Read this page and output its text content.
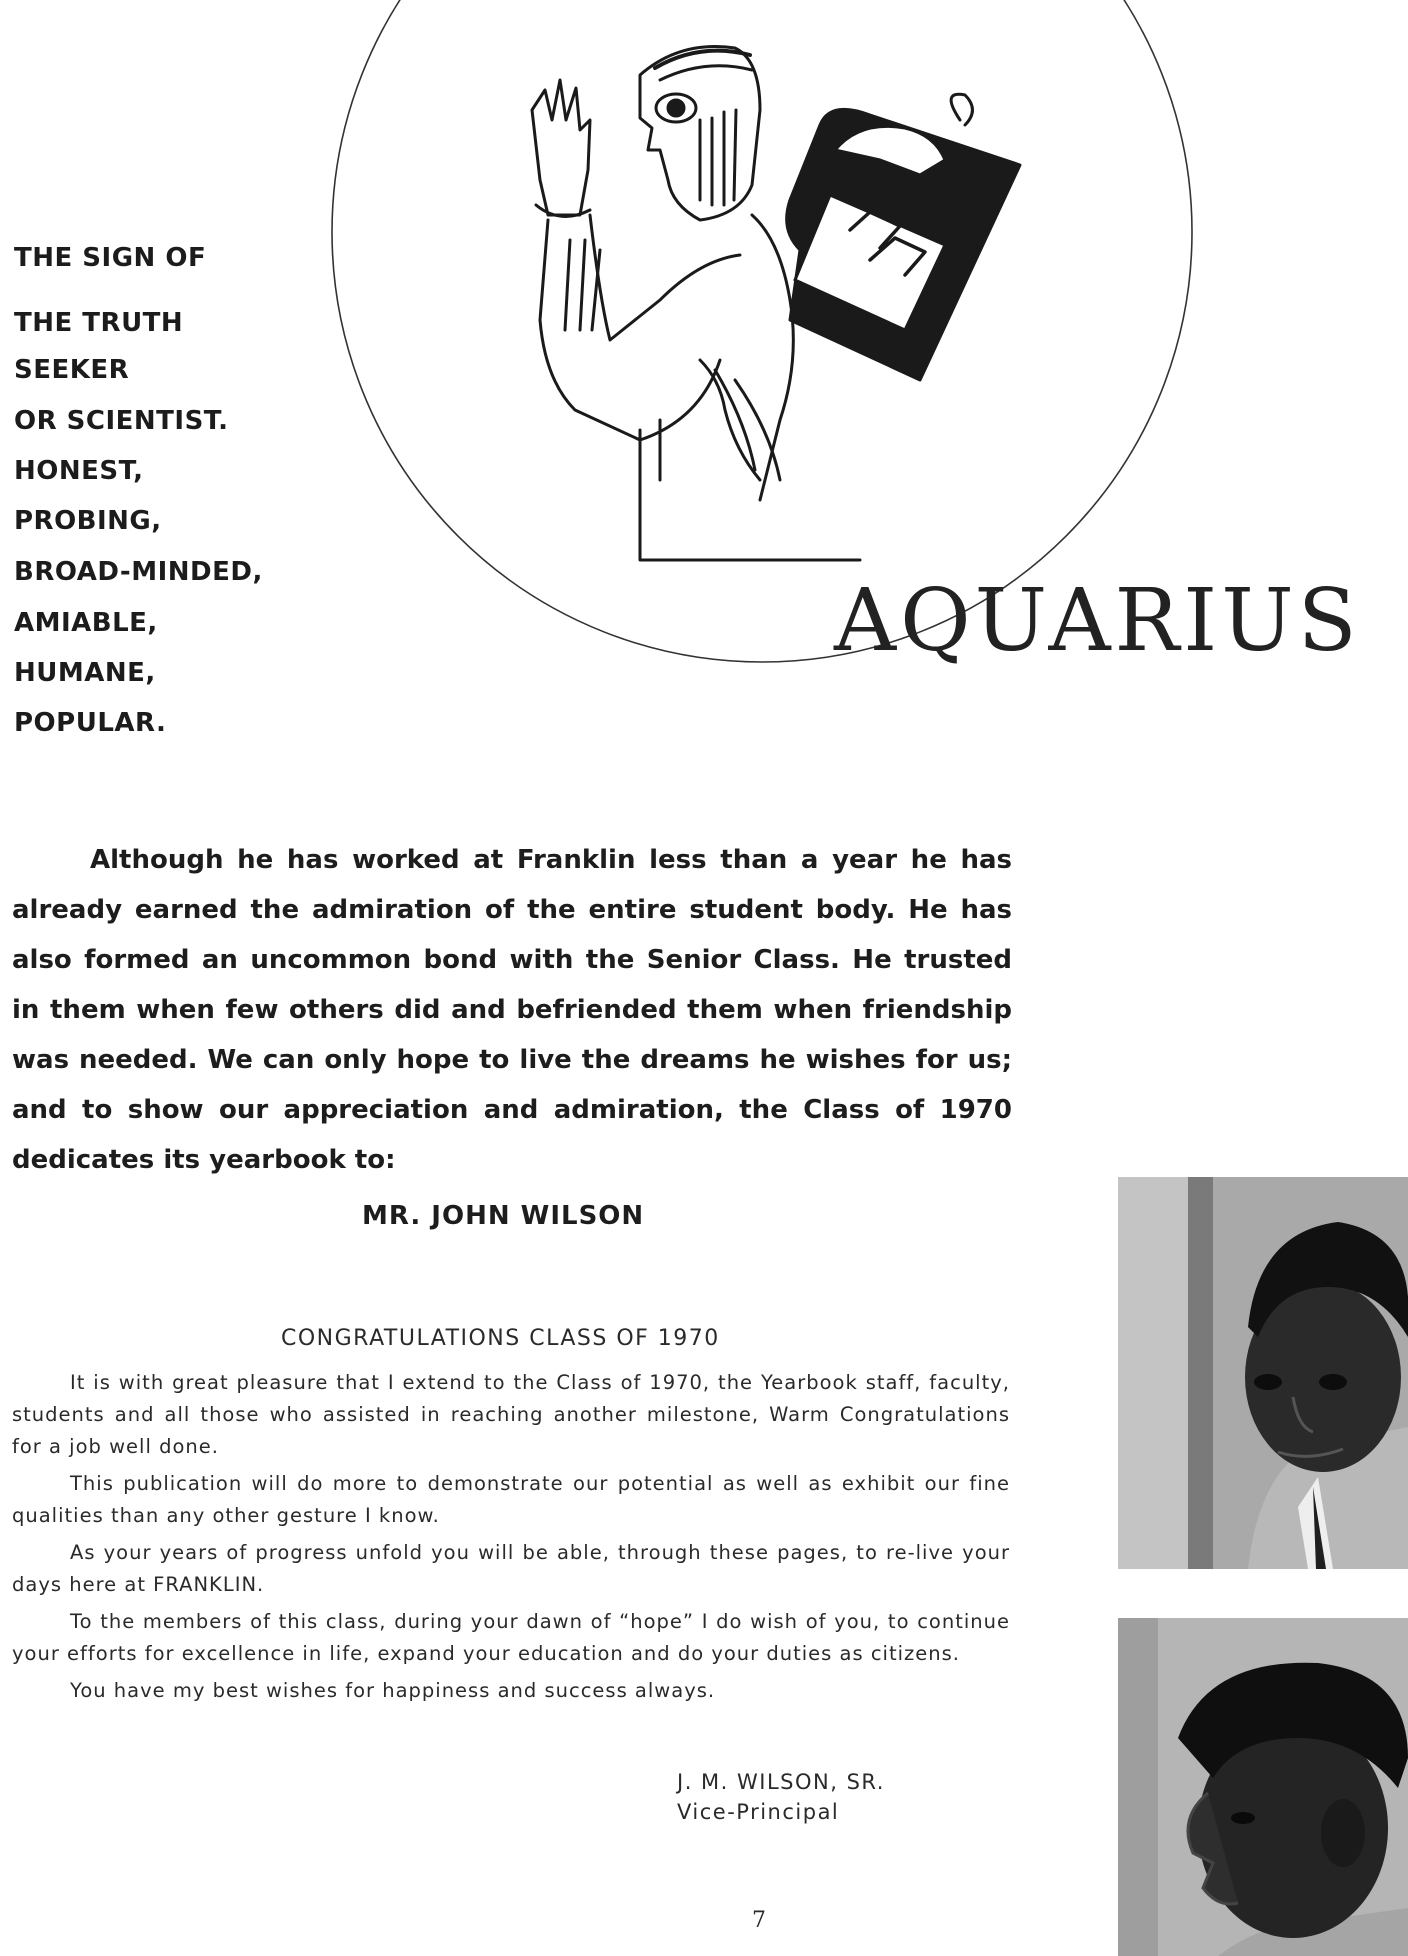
THE SIGN OF
THE TRUTH
SEEKER
OR SCIENTIST.
HONEST,
PROBING,
BROAD-MINDED,
AMIABLE,
HUMANE,
POPULAR.
AQUARIUS
Although he has worked at Franklin less than a year he has already earned the admiration of the entire student body. He has also formed an uncommon bond with the Senior Class. He trusted in them when few others did and befriended them when friendship was needed. We can only hope to live the dreams he wishes for us; and to show our appreciation and admiration, the Class of 1970 dedicates its yearbook to:
MR. JOHN WILSON
CONGRATULATIONS CLASS OF 1970

It is with great pleasure that I extend to the Class of 1970, the Yearbook staff, faculty, students and all those who assisted in reaching another milestone, Warm Congratulations for a job well done.

This publication will do more to demonstrate our potential as well as exhibit our fine qualities than any other gesture I know.

As your years of progress unfold you will be able, through these pages, to re-live your days here at FRANKLIN.

To the members of this class, during your dawn of “hope” I do wish of you, to continue your efforts for excellence in life, expand your education and do your duties as citizens.

You have my best wishes for happiness and success always.

J. M. WILSON, SR.
Vice-Principal
7
